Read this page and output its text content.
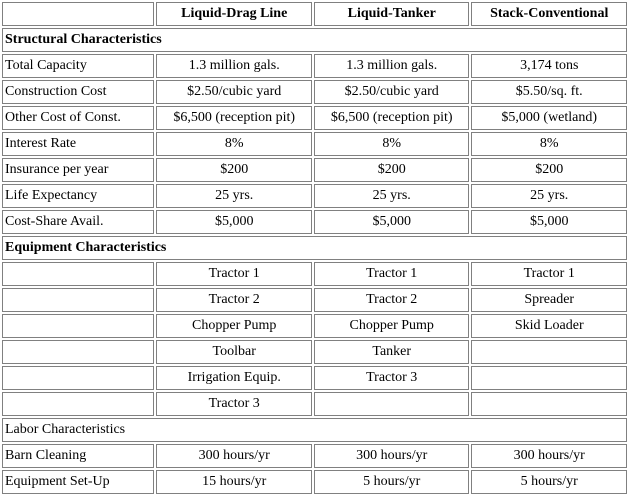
	Liquid-Drag Line	Liquid-Tanker	Stack-Conventional
Structural Characteristics			
Total Capacity	1.3 million gals.	1.3 million gals.	3,174 tons
Construction Cost	$2.50/cubic yard	$2.50/cubic yard	$5.50/sq. ft.
Other Cost of Const.	$6,500 (reception pit)	$6,500 (reception pit)	$5,000 (wetland)
Interest Rate	8%	8%	8%
Insurance per year	$200	$200	$200
Life Expectancy	25 yrs.	25 yrs.	25 yrs.
Cost-Share Avail.	$5,000	$5,000	$5,000
Equipment Characteristics			
	Tractor 1	Tractor 1	Tractor 1
	Tractor 2	Tractor 2	Spreader
	Chopper Pump	Chopper Pump	Skid Loader
	Toolbar	Tanker	
	Irrigation Equip.	Tractor 3	
	Tractor 3		
Labor Characteristics			
Barn Cleaning	300 hours/yr	300 hours/yr	300 hours/yr
Equipment Set-Up	15 hours/yr	5 hours/yr	5 hours/yr
